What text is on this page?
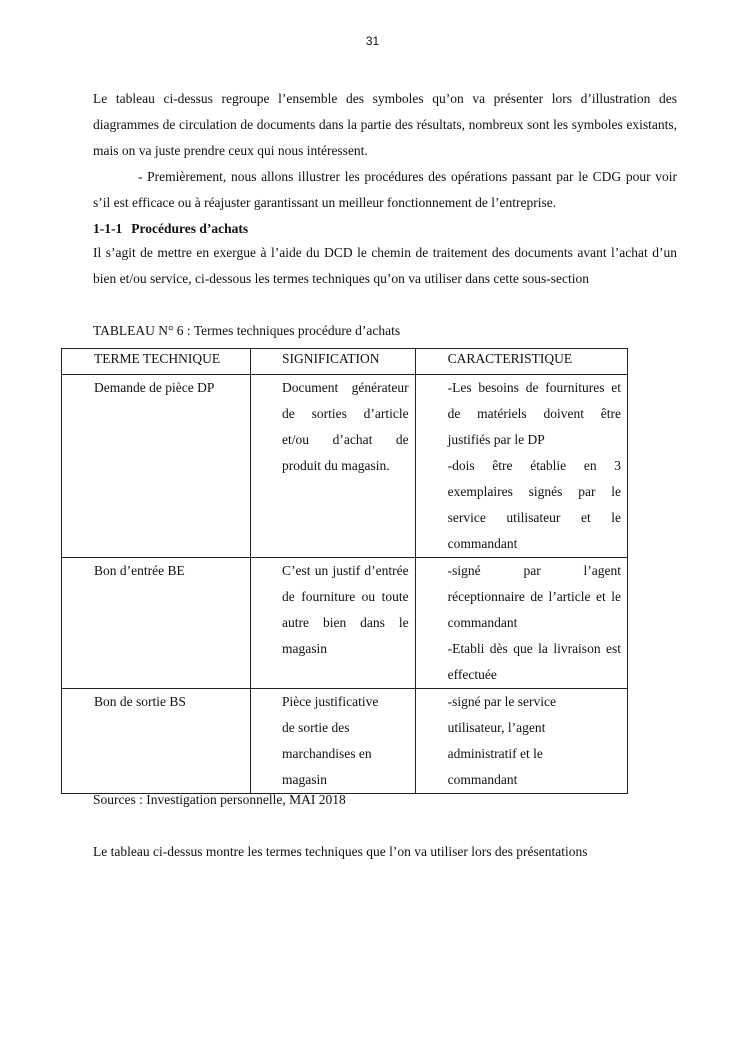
31

Le tableau ci-dessus regroupe l’ensemble des symboles qu’on va présenter lors d’illustration des diagrammes de circulation de documents dans la partie des résultats, nombreux sont les symboles existants, mais on va juste prendre ceux qui nous intéressent.

- Premièrement, nous allons illustrer les procédures des opérations passant par le CDG pour voir s’il est efficace ou à réajuster garantissant un meilleur fonctionnement de l’entreprise.

1-1-1 Procédures d’achats

Il s’agit de mettre en exergue à l’aide du DCD le chemin de traitement des documents avant l’achat d’un bien et/ou service, ci-dessous les termes techniques qu’on va utiliser dans cette sous-section

TABLEAU N° 6 : Termes techniques procédure d’achats

TERME TECHNIQUE	SIGNIFICATION	CARACTERISTIQUE

Demande de pièce DP	Document générateur de sorties d’article et/ou d’achat de produit du magasin.	-Les besoins de fournitures et de matériels doivent être justifiés par le DP
-dois être établie en 3 exemplaires signés par le service utilisateur et le commandant

Bon d’entrée BE	C’est un justif d’entrée de fourniture ou toute autre bien dans le magasin	-signé par l’agent réceptionnaire de l’article et le commandant
-Etabli dès que la livraison est effectuée

Bon de sortie BS	Pièce justificative
de sortie des
marchandises en
magasin	-signé par le service
utilisateur, l’agent
administratif et le
commandant

Sources : Investigation personnelle, MAI 2018

Le tableau ci-dessus montre les termes techniques que l’on va utiliser lors des présentations
